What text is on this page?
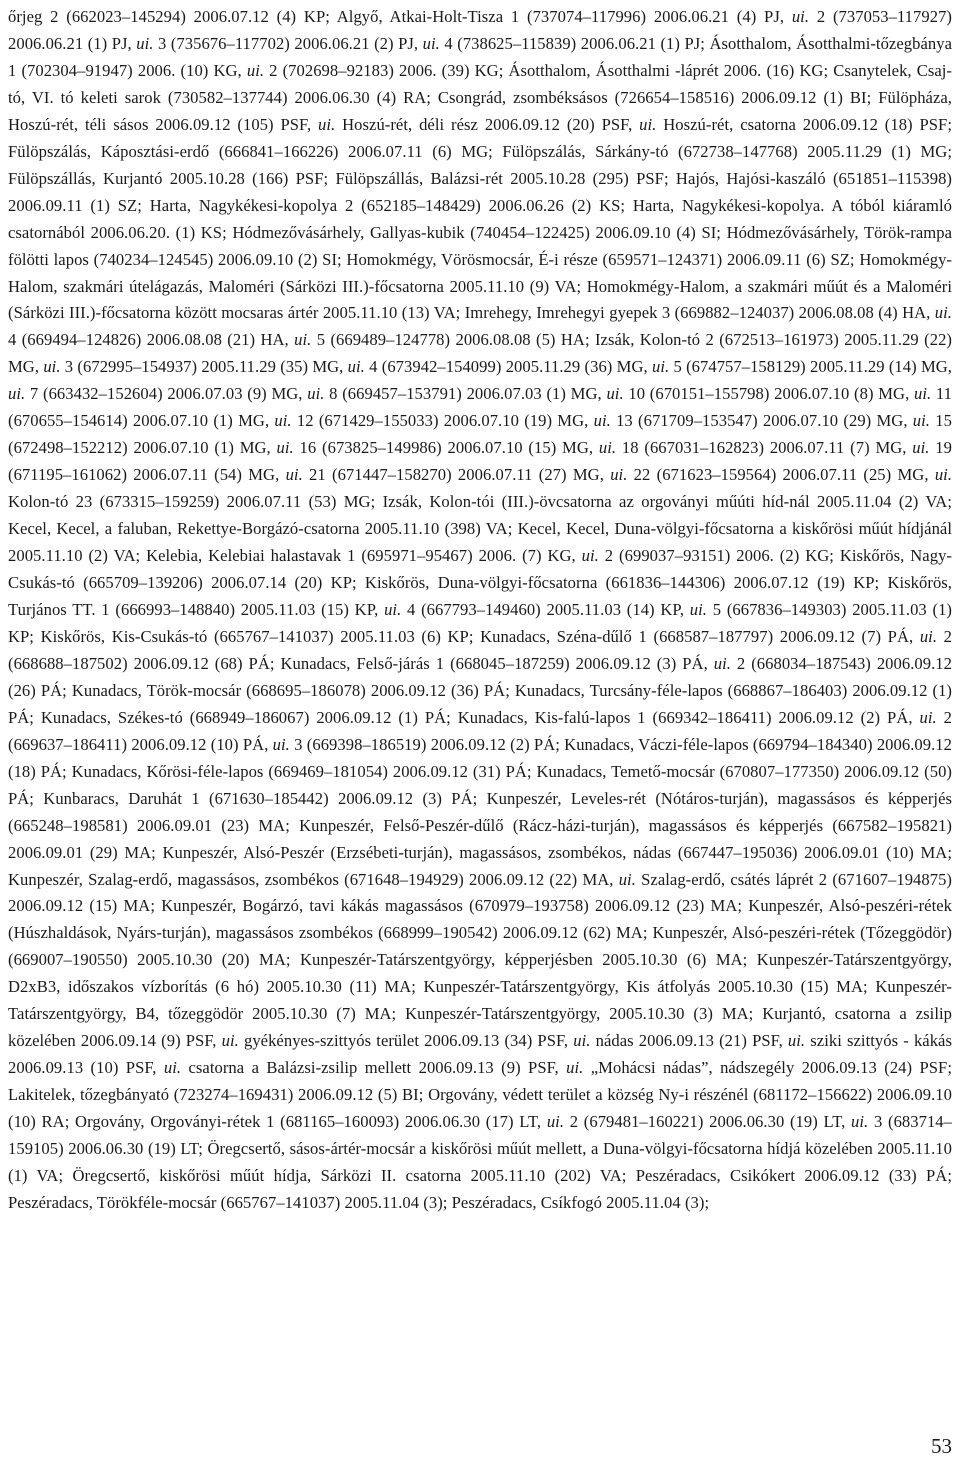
őrjeg 2 (662023–145294) 2006.07.12 (4) KP; Algyő, Atkai-Holt-Tisza 1 (737074–117996) 2006.06.21 (4) PJ, ui. 2 (737053–117927) 2006.06.21 (1) PJ, ui. 3 (735676–117702) 2006.06.21 (2) PJ, ui. 4 (738625–115839) 2006.06.21 (1) PJ; Ásotthalom, Ásotthalmi-tőzegbánya 1 (702304–91947) 2006. (10) KG, ui. 2 (702698–92183) 2006. (39) KG; Ásotthalom, Ásotthalmi -láprét 2006. (16) KG; Csanytelek, Csaj-tó, VI. tó keleti sarok (730582–137744) 2006.06.30 (4) RA; Csongrád, zsombéksásos (726654–158516) 2006.09.12 (1) BI; Fülöpháza, Hoszú-rét, téli sásos 2006.09.12 (105) PSF, ui. Hoszú-rét, déli rész 2006.09.12 (20) PSF, ui. Hoszú-rét, csatorna 2006.09.12 (18) PSF; Fülöpszálás, Káposztási-erdő (666841–166226) 2006.07.11 (6) MG; Fülöpszálás, Sárkány-tó (672738–147768) 2005.11.29 (1) MG; Fülöpszállás, Kurjantó 2005.10.28 (166) PSF; Fülöpszállás, Balázsi-rét 2005.10.28 (295) PSF; Hajós, Hajósi-kaszáló (651851–115398) 2006.09.11 (1) SZ; Harta, Nagykékesi-kopolya 2 (652185–148429) 2006.06.26 (2) KS; Harta, Nagykékesi-kopolya. A tóból kiáramló csatornából 2006.06.20. (1) KS; Hódmezővásárhely, Gallyas-kubik (740454–122425) 2006.09.10 (4) SI; Hódmezővásárhely, Török-rampa fölötti lapos (740234–124545) 2006.09.10 (2) SI; Homokmégy, Vörösmocsár, É-i része (659571–124371) 2006.09.11 (6) SZ; Homokmégy-Halom, szakmári útelágazás, Maloméri (Sárközi III.)-főcsatorna 2005.11.10 (9) VA; Homokmégy-Halom, a szakmári műút és a Maloméri (Sárközi III.)-főcsatorna között mocsaras ártér 2005.11.10 (13) VA; Imrehegy, Imrehegyi gyepek 3 (669882–124037) 2006.08.08 (4) HA, ui. 4 (669494–124826) 2006.08.08 (21) HA, ui. 5 (669489–124778) 2006.08.08 (5) HA; Izsák, Kolon-tó 2 (672513–161973) 2005.11.29 (22) MG, ui. 3 (672995–154937) 2005.11.29 (35) MG, ui. 4 (673942–154099) 2005.11.29 (36) MG, ui. 5 (674757–158129) 2005.11.29 (14) MG, ui. 7 (663432–152604) 2006.07.03 (9) MG, ui. 8 (669457–153791) 2006.07.03 (1) MG, ui. 10 (670151–155798) 2006.07.10 (8) MG, ui. 11 (670655–154614) 2006.07.10 (1) MG, ui. 12 (671429–155033) 2006.07.10 (19) MG, ui. 13 (671709–153547) 2006.07.10 (29) MG, ui. 15 (672498–152212) 2006.07.10 (1) MG, ui. 16 (673825–149986) 2006.07.10 (15) MG, ui. 18 (667031–162823) 2006.07.11 (7) MG, ui. 19 (671195–161062) 2006.07.11 (54) MG, ui. 21 (671447–158270) 2006.07.11 (27) MG, ui. 22 (671623–159564) 2006.07.11 (25) MG, ui. Kolon-tó 23 (673315–159259) 2006.07.11 (53) MG; Izsák, Kolon-tói (III.)-övcsatorna az orgoványi műúti híd-nál 2005.11.04 (2) VA; Kecel, Kecel, a faluban, Rekettye-Borgázó-csatorna 2005.11.10 (398) VA; Kecel, Kecel, Duna-völgyi-főcsatorna a kiskőrösi műút hídjánál 2005.11.10 (2) VA; Kelebia, Kelebiai halastavak 1 (695971–95467) 2006. (7) KG, ui. 2 (699037–93151) 2006. (2) KG; Kiskőrös, Nagy-Csukás-tó (665709–139206) 2006.07.14 (20) KP; Kiskőrös, Duna-völgyi-főcsatorna (661836–144306) 2006.07.12 (19) KP; Kiskőrös, Turjános TT. 1 (666993–148840) 2005.11.03 (15) KP, ui. 4 (667793–149460) 2005.11.03 (14) KP, ui. 5 (667836–149303) 2005.11.03 (1) KP; Kiskőrös, Kis-Csukás-tó (665767–141037) 2005.11.03 (6) KP; Kunadacs, Széna-dűlő 1 (668587–187797) 2006.09.12 (7) PÁ, ui. 2 (668688–187502) 2006.09.12 (68) PÁ; Kunadacs, Felső-járás 1 (668045–187259) 2006.09.12 (3) PÁ, ui. 2 (668034–187543) 2006.09.12 (26) PÁ; Kunadacs, Török-mocsár (668695–186078) 2006.09.12 (36) PÁ; Kunadacs, Turcsány-féle-lapos (668867–186403) 2006.09.12 (1) PÁ; Kunadacs, Székes-tó (668949–186067) 2006.09.12 (1) PÁ; Kunadacs, Kis-falú-lapos 1 (669342–186411) 2006.09.12 (2) PÁ, ui. 2 (669637–186411) 2006.09.12 (10) PÁ, ui. 3 (669398–186519) 2006.09.12 (2) PÁ; Kunadacs, Váczi-féle-lapos (669794–184340) 2006.09.12 (18) PÁ; Kunadacs, Kőrösi-féle-lapos (669469–181054) 2006.09.12 (31) PÁ; Kunadacs, Temető-mocsár (670807–177350) 2006.09.12 (50) PÁ; Kunbaracs, Daruhát 1 (671630–185442) 2006.09.12 (3) PÁ; Kunpeszér, Leveles-rét (Nótáros-turján), magassásos és képperjés (665248–198581) 2006.09.01 (23) MA; Kunpeszér, Felső-Peszér-dűlő (Rácz-házi-turján), magassásos és képperjés (667582–195821) 2006.09.01 (29) MA; Kunpeszér, Alsó-Peszér (Erzsébeti-turján), magassásos, zsombékos, nádas (667447–195036) 2006.09.01 (10) MA; Kunpeszér, Szalag-erdő, magassásos, zsombékos (671648–194929) 2006.09.12 (22) MA, ui. Szalag-erdő, csátés láprét 2 (671607–194875) 2006.09.12 (15) MA; Kunpeszér, Bogárzó, tavi kákás magassásos (670979–193758) 2006.09.12 (23) MA; Kunpeszér, Alsó-peszéri-rétek (Húszhaldások, Nyárs-turján), magassásos zsombékos (668999–190542) 2006.09.12 (62) MA; Kunpeszér, Alsó-peszéri-rétek (Tőzeggödör) (669007–190550) 2005.10.30 (20) MA; Kunpeszér-Tatárszentgyörgy, képperjésben 2005.10.30 (6) MA; Kunpeszér-Tatárszentgyörgy, D2xB3, időszakos vízborítás (6 hó) 2005.10.30 (11) MA; Kunpeszér-Tatárszentgyörgy, Kis átfolyás 2005.10.30 (15) MA; Kunpeszér-Tatárszentgyörgy, B4, tőzeggödör 2005.10.30 (7) MA; Kunpeszér-Tatárszentgyörgy, 2005.10.30 (3) MA; Kurjantó, csatorna a zsilip közelében 2006.09.14 (9) PSF, ui. gyékényes-szittyós terület 2006.09.13 (34) PSF, ui. nádas 2006.09.13 (21) PSF, ui. sziki szittyós - kákás 2006.09.13 (10) PSF, ui. csatorna a Balázsi-zsilip mellett 2006.09.13 (9) PSF, ui. „Mohácsi nádas”, nádszegély 2006.09.13 (24) PSF; Lakitelek, tőzegbányató (723274–169431) 2006.09.12 (5) BI; Orgovány, védett terület a község Ny-i részénél (681172–156622) 2006.09.10 (10) RA; Orgovány, Orgoványi-rétek 1 (681165–160093) 2006.06.30 (17) LT, ui. 2 (679481–160221) 2006.06.30 (19) LT, ui. 3 (683714–159105) 2006.06.30 (19) LT; Öregcsertő, sásos-ártér-mocsár a kiskőrösi műút mellett, a Duna-völgyi-főcsatorna hídjá közelében 2005.11.10 (1) VA; Öregcsertő, kiskőrösi műút hídja, Sárközi II. csatorna 2005.11.10 (202) VA; Peszéradacs, Csikókert 2006.09.12 (33) PÁ; Peszéradacs, Törökféle-mocsár (665767–141037) 2005.11.04 (3); Peszéradacs, Csíkfogó 2005.11.04 (3);

53
